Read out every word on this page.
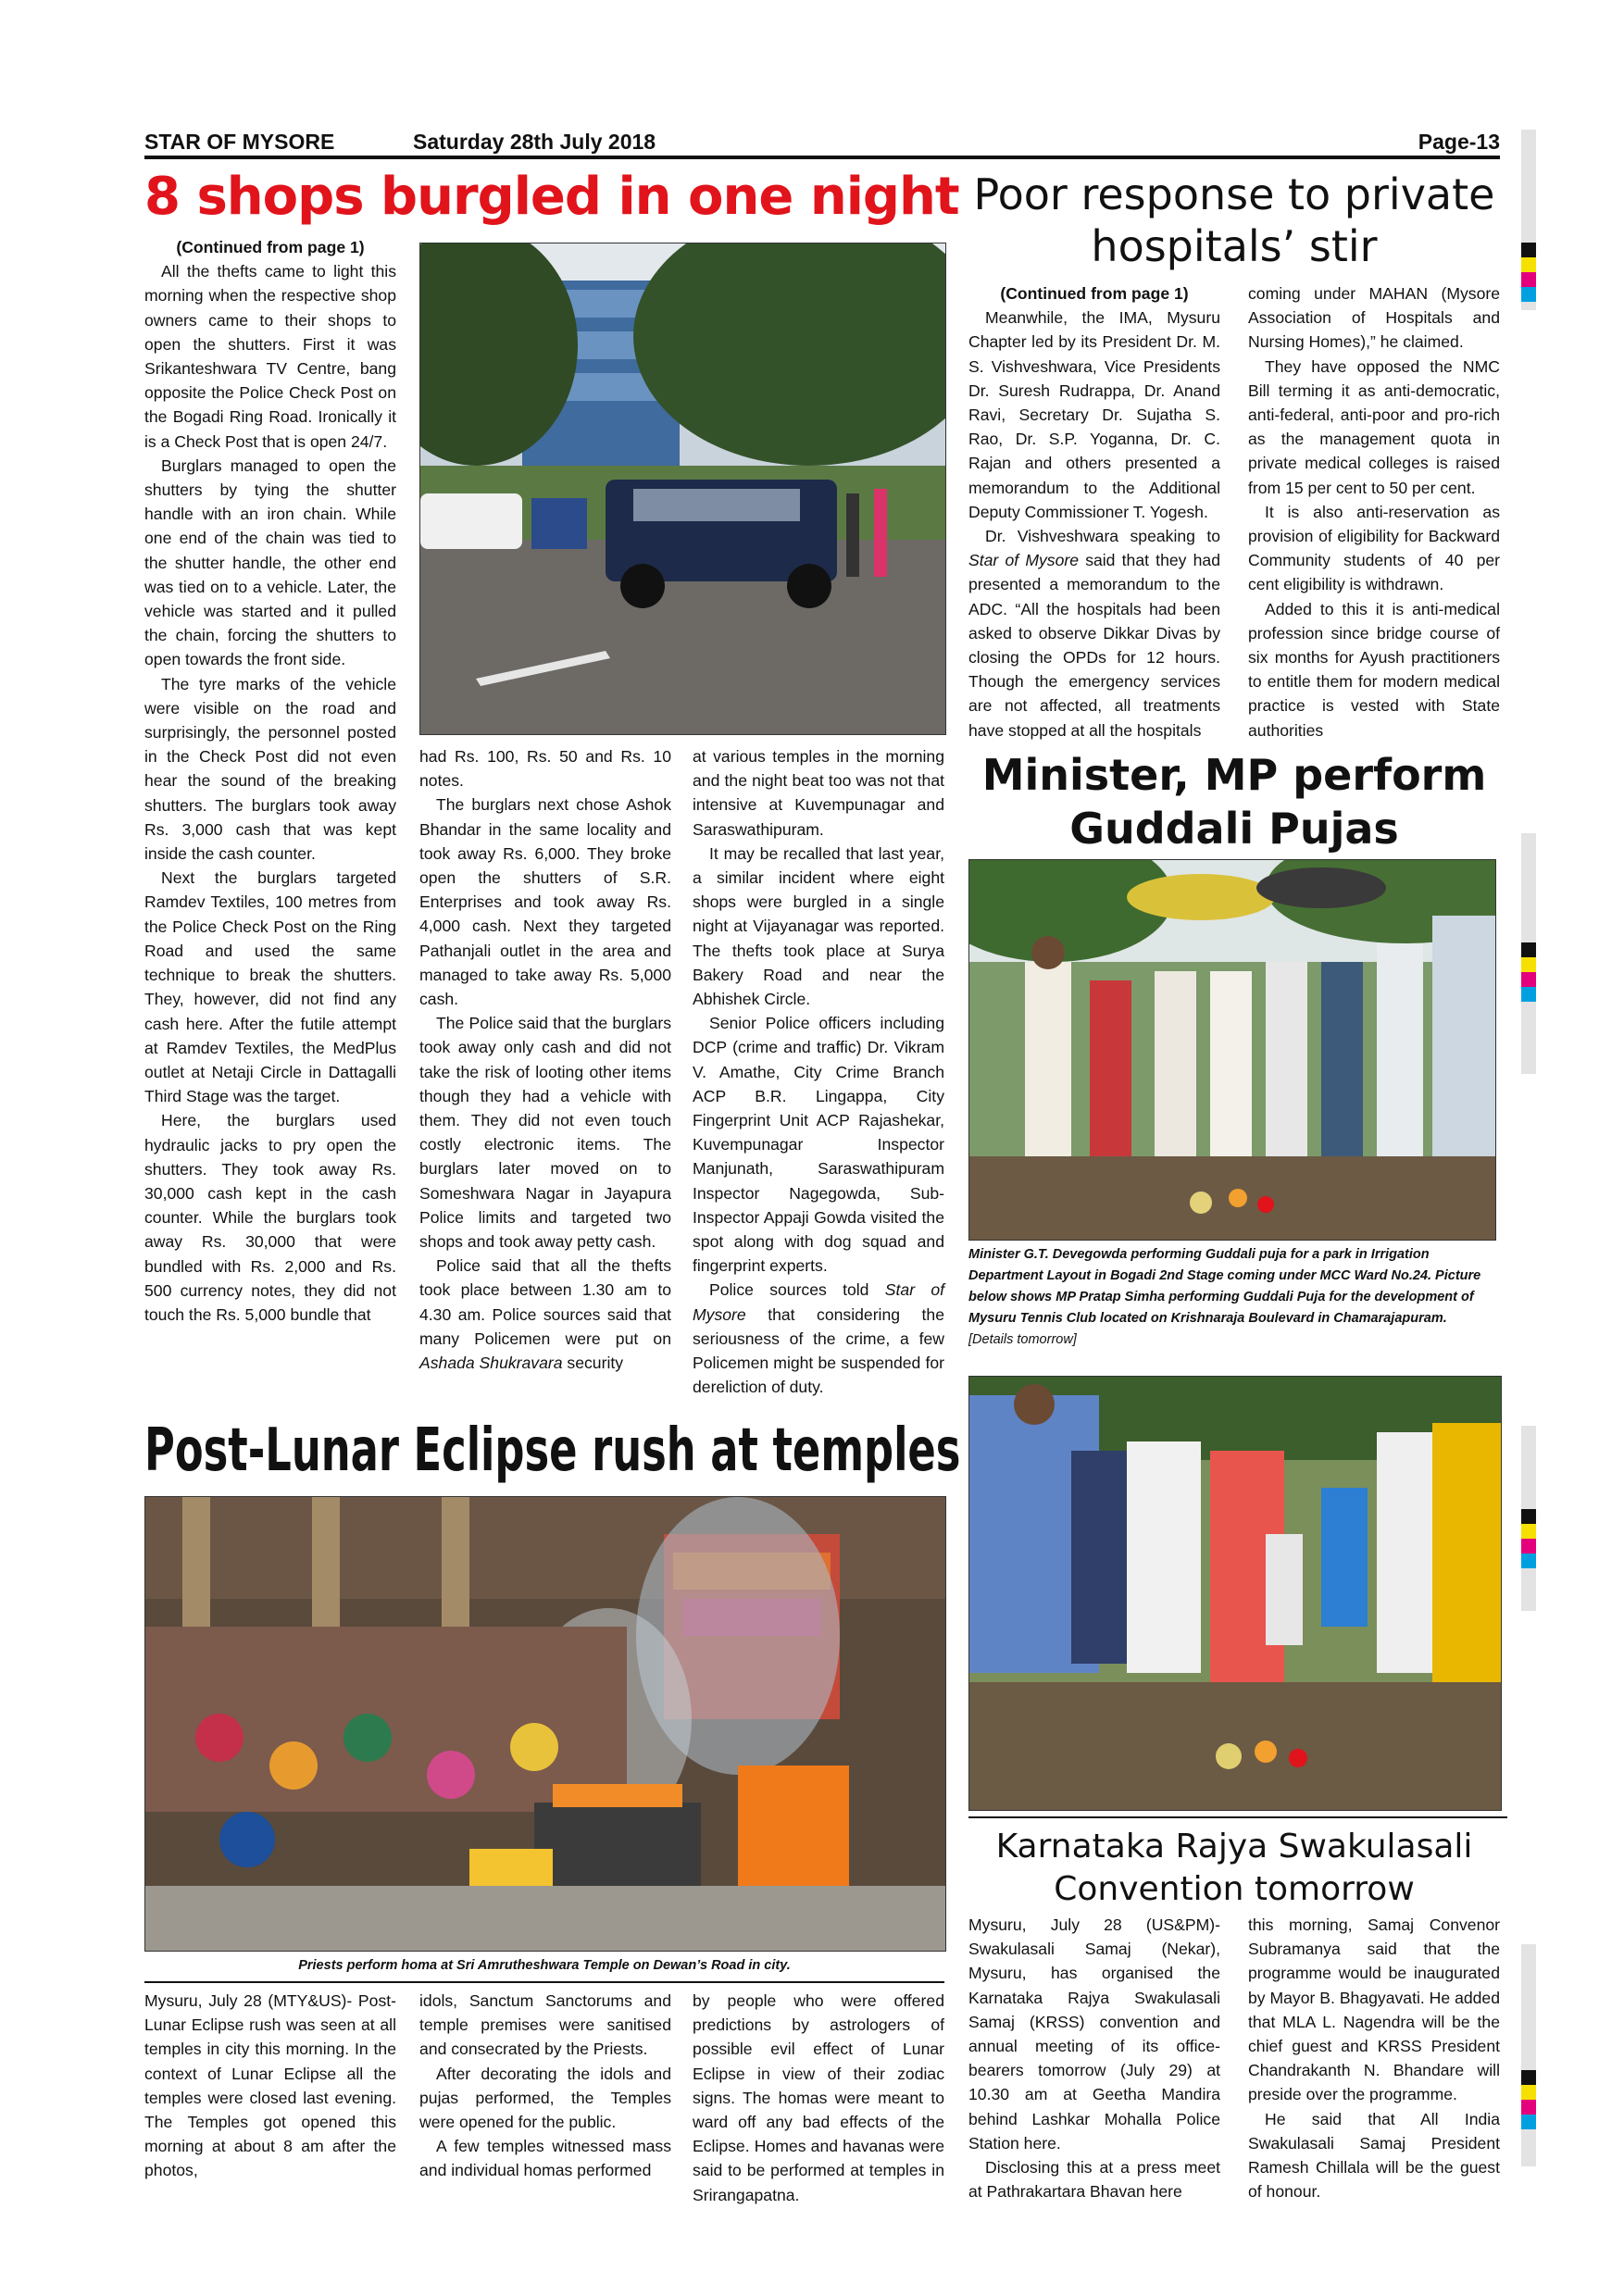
STAR OF MYSORE	Saturday 28th July 2018	Page-13
8 shops burgled in one night

(Continued from page 1)

All the thefts came to light this morning when the respective shop owners came to their shops to open the shutters. First it was Srikanteshwara TV Centre, bang opposite the Police Check Post on the Bogadi Ring Road. Ironically it is a Check Post that is open 24/7.

Burglars managed to open the shutters by tying the shutter handle with an iron chain. While one end of the chain was tied to the shutter handle, the other end was tied on to a vehicle. Later, the vehicle was started and it pulled the chain, forcing the shutters to open towards the front side.

The tyre marks of the vehicle were visible on the road and surprisingly, the personnel posted in the Check Post did not even hear the sound of the breaking shutters. The burglars took away Rs. 3,000 cash that was kept inside the cash counter.

Next the burglars targeted Ramdev Textiles, 100 metres from the Police Check Post on the Ring Road and used the same technique to break the shutters. They, however, did not find any cash here. After the futile attempt at Ramdev Textiles, the MedPlus outlet at Netaji Circle in Dattagalli Third Stage was the target.

Here, the burglars used hydraulic jacks to pry open the shutters. They took away Rs. 30,000 cash kept in the cash counter. While the burglars took away Rs. 30,000 that were bundled with Rs. 2,000 and Rs. 500 currency notes, they did not touch the Rs. 5,000 bundle that

had Rs. 100, Rs. 50 and Rs. 10 notes.

The burglars next chose Ashok Bhandar in the same locality and took away Rs. 6,000. They broke open the shutters of S.R. Enterprises and took away Rs. 4,000 cash. Next they targeted Pathanjali outlet in the area and managed to take away Rs. 5,000 cash.

The Police said that the burglars took away only cash and did not take the risk of looting other items though they had a vehicle with them. They did not even touch costly electronic items. The burglars later moved on to Someshwara Nagar in Jayapura Police limits and targeted two shops and took away petty cash.

Police said that all the thefts took place between 1.30 am to 4.30 am. Police sources said that many Policemen were put on Ashada Shukravara security

at various temples in the morning and the night beat too was not that intensive at Kuvempunagar and Saraswathipuram.

It may be recalled that last year, a similar incident where eight shops were burgled in a single night at Vijayanagar was reported. The thefts took place at Surya Bakery Road and near the Abhishek Circle.

Senior Police officers including DCP (crime and traffic) Dr. Vikram V. Amathe, City Crime Branch ACP B.R. Lingappa, City Fingerprint Unit ACP Rajashekar, Kuvempunagar Inspector Manjunath, Saraswathipuram Inspector Nagegowda, Sub-Inspector Appaji Gowda visited the spot along with dog squad and fingerprint experts.

Police sources told Star of Mysore that considering the seriousness of the crime, a few Policemen might be suspended for dereliction of duty.

Poor response to private hospitals’ stir

(Continued from page 1)

Meanwhile, the IMA, Mysuru Chapter led by its President Dr. M. S. Vishveshwara, Vice Presidents Dr. Suresh Rudrappa, Dr. Anand Ravi, Secretary Dr. Sujatha S. Rao, Dr. S.P. Yoganna, Dr. C. Rajan and others presented a memorandum to the Additional Deputy Commissioner T. Yogesh.

Dr. Vishveshwara speaking to Star of Mysore said that they had presented a memorandum to the ADC. “All the hospitals had been asked to observe Dikkar Divas by closing the OPDs for 12 hours. Though the emergency services are not affected, all treatments have stopped at all the hospitals

coming under MAHAN (Mysore Association of Hospitals and Nursing Homes),” he claimed.

They have opposed the NMC Bill terming it as anti-democratic, anti-federal, anti-poor and pro-rich as the management quota in private medical colleges is raised from 15 per cent to 50 per cent.

It is also anti-reservation as provision of eligibility for Backward Community students of 40 per cent eligibility is withdrawn.

Added to this it is anti-medical profession since bridge course of six months for Ayush practitioners to entitle them for modern medical practice is vested with State authorities

Minister, MP perform Guddali Pujas

Minister G.T. Devegowda performing Guddali puja for a park in Irrigation Department Layout in Bogadi 2nd Stage coming under MCC Ward No.24. Picture below shows MP Pratap Simha performing Guddali Puja for the development of Mysuru Tennis Club located on Krishnaraja Boulevard in Chamarajapuram. [Details tomorrow]

Post-Lunar Eclipse rush at temples

Priests perform homa at Sri Amrutheshwara Temple on Dewan’s Road in city.

Mysuru, July 28 (MTY&US)- Post-Lunar Eclipse rush was seen at all temples in city this morning. In the context of Lunar Eclipse all the temples were closed last evening. The Temples got opened this morning at about 8 am after the photos,

idols, Sanctum Sanctorums and temple premises were sanitised and consecrated by the Priests.

After decorating the idols and pujas performed, the Temples were opened for the public.

A few temples witnessed mass and individual homas performed

by people who were offered predictions by astrologers of possible evil effect of Lunar Eclipse in view of their zodiac signs. The homas were meant to ward off any bad effects of the Eclipse. Homes and havanas were said to be performed at temples in Srirangapatna.

Karnataka Rajya Swakulasali Convention tomorrow

Mysuru, July 28 (US&PM)- Swakulasali Samaj (Nekar), Mysuru, has organised the Karnataka Rajya Swakulasali Samaj (KRSS) convention and annual meeting of its office-bearers tomorrow (July 29) at 10.30 am at Geetha Mandira behind Lashkar Mohalla Police Station here.

Disclosing this at a press meet at Pathrakartara Bhavan here

this morning, Samaj Convenor Subramanya said that the programme would be inaugurated by Mayor B. Bhagyavati. He added that MLA L. Nagendra will be the chief guest and KRSS President Chandrakanth N. Bhandare will preside over the programme.

He said that All India Swakulasali Samaj President Ramesh Chillala will be the guest of honour.
